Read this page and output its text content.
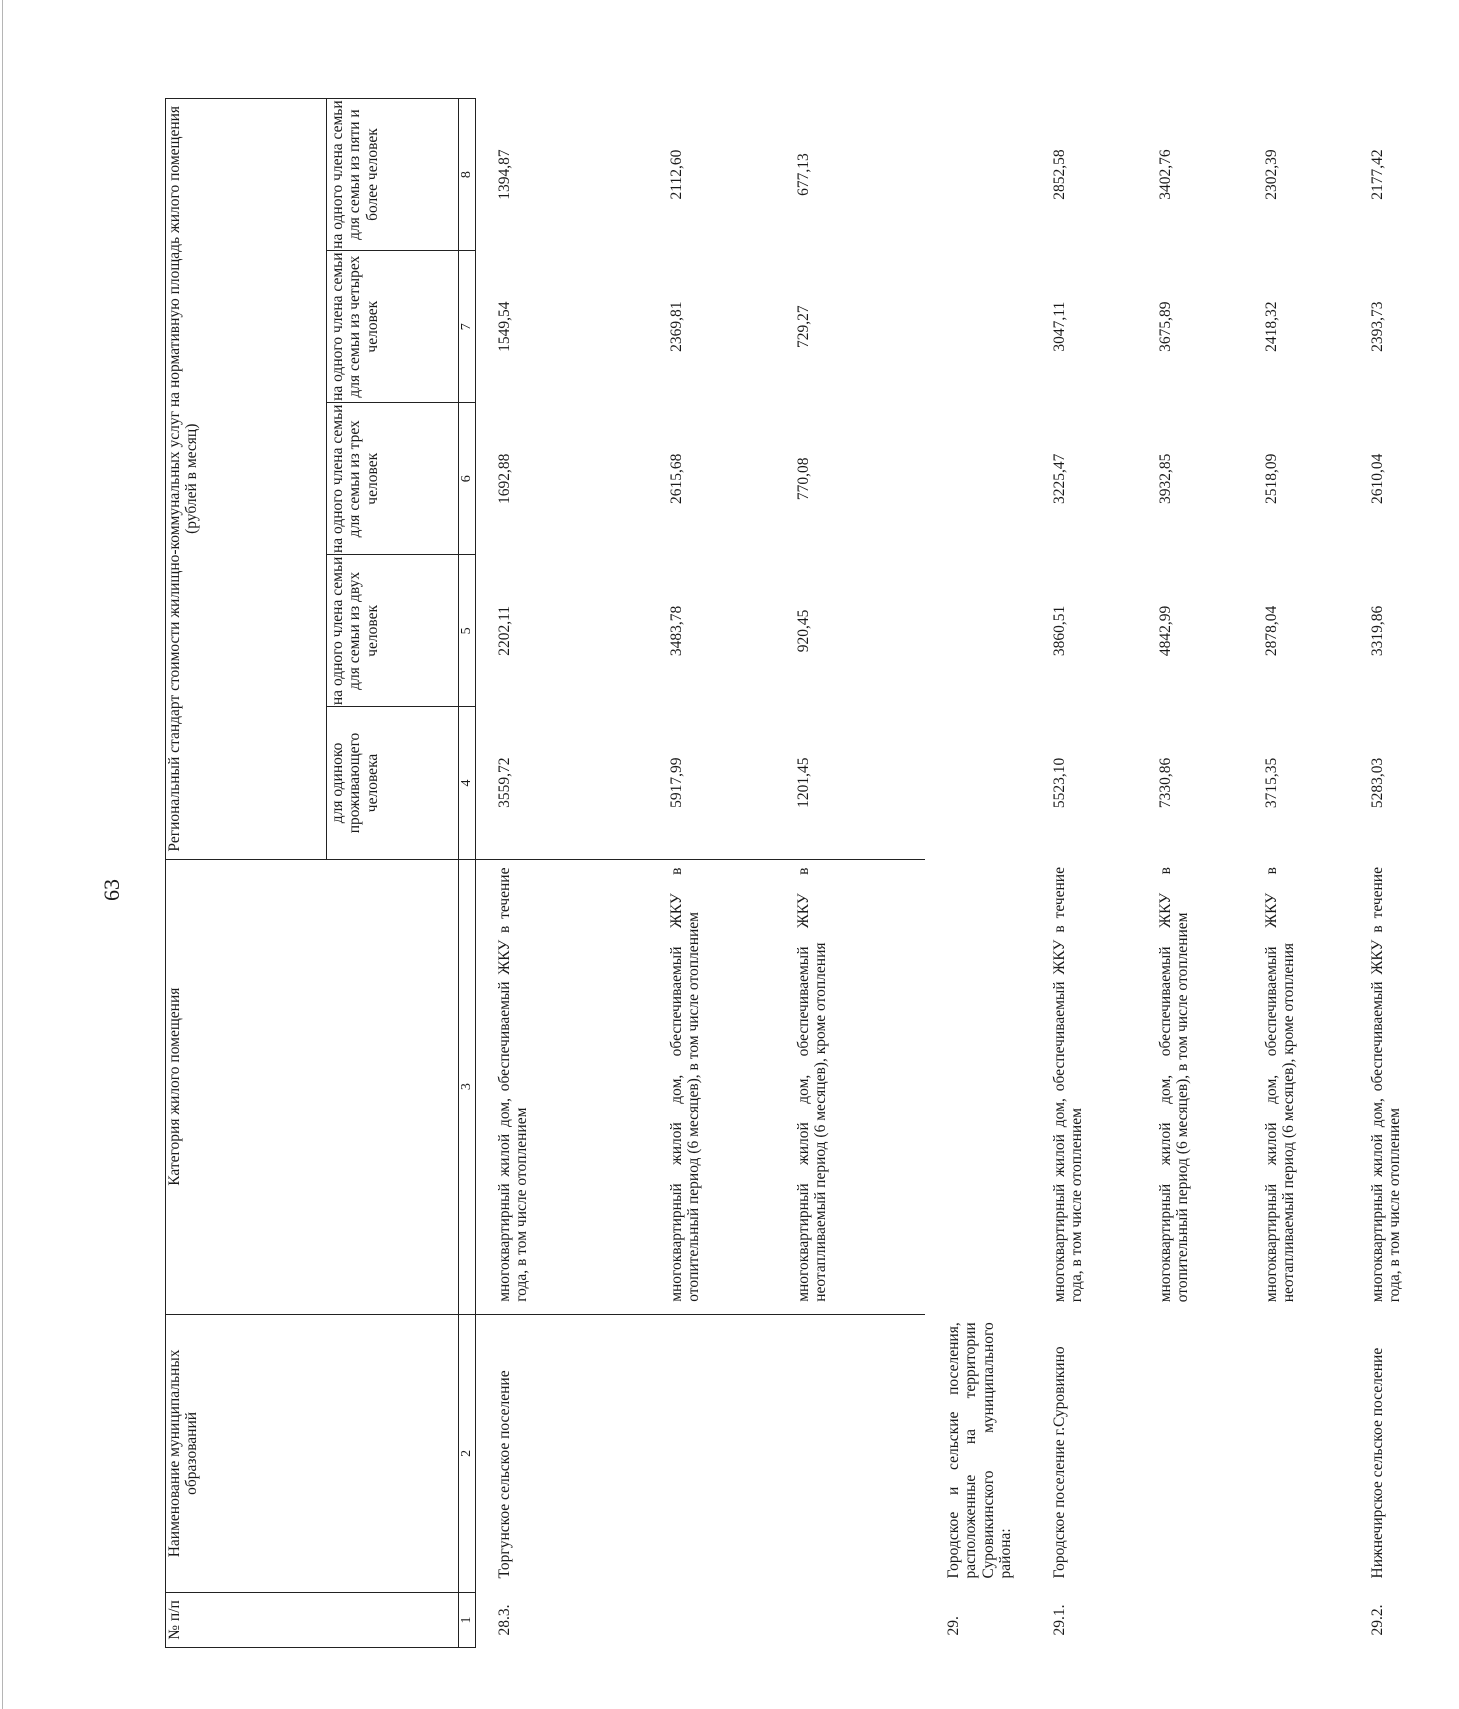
63
№ п/п	Наименование муниципальных образований	Категория жилого помещения	Региональный стандарт стоимости жилищно-коммунальных услуг на нормативную площадь жилого помещения (рублей в месяц)				
			для одиноко проживающего человека	на одного члена семьи для семьи из двух человек	на одного члена семьи для семьи из трех человек	на одного члена семьи для семьи из четырех человек	на одного члена семьи для семьи из пяти и более человек
1	2	3	4	5	6	7	8
28.3.	Торгунское сельское поселение	многоквартирный жилой дом, обеспечиваемый ЖКУ в течение года, в том числе отоплением	3559,72	2202,11	1692,88	1549,54	1394,87
		многоквартирный жилой дом, обеспечиваемый ЖКУ в отопительный период (6 месяцев), в том числе отоплением	5917,99	3483,78	2615,68	2369,81	2112,60
		многоквартирный жилой дом, обеспечиваемый ЖКУ в неотапливаемый период (6 месяцев), кроме отопления	1201,45	920,45	770,08	729,27	677,13
29.	Городское и сельские поселения, расположенные на территории Суровикинского муниципального района:						
29.1.	Городское поселение г.Суровикино	многоквартирный жилой дом, обеспечиваемый ЖКУ в течение года, в том числе отоплением	5523,10	3860,51	3225,47	3047,11	2852,58
		многоквартирный жилой дом, обеспечиваемый ЖКУ в отопительный период (6 месяцев), в том числе отоплением	7330,86	4842,99	3932,85	3675,89	3402,76
		многоквартирный жилой дом, обеспечиваемый ЖКУ в неотапливаемый период (6 месяцев), кроме отопления	3715,35	2878,04	2518,09	2418,32	2302,39
29.2.	Нижнечирское сельское поселение	многоквартирный жилой дом, обеспечиваемый ЖКУ в течение года, в том числе отоплением	5283,03	3319,86	2610,04	2393,73	2177,42
